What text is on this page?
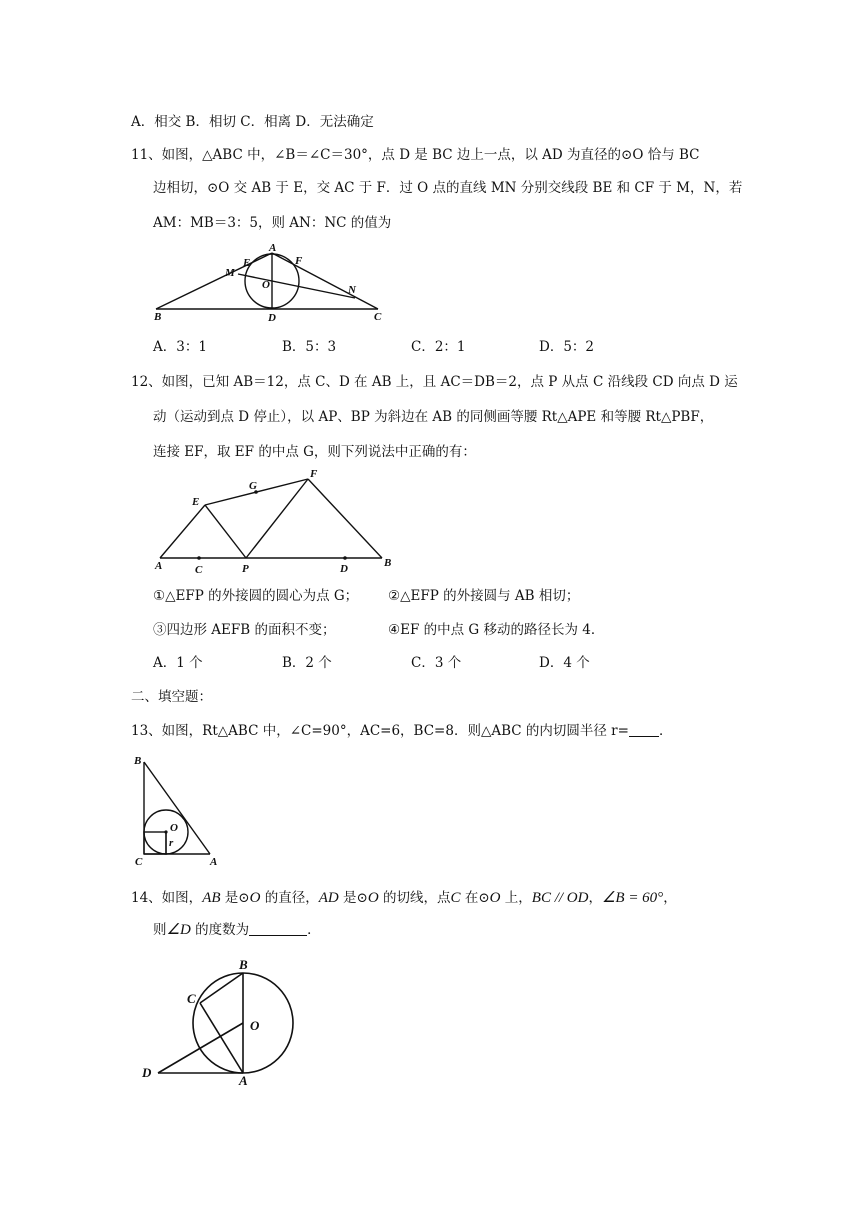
A．相交 B．相切 C．相离 D．无法确定
11、如图，△ABC 中，∠B＝∠C＝30°，点 D 是 BC 边上一点，以 AD 为直径的⊙O 恰与 BC
边相切，⊙O 交 AB 于 E，交 AC 于 F．过 O 点的直线 MN 分别交线段 BE 和 CF 于 M，N，若
AM：MB＝3：5，则 AN：NC 的值为
A
E	F
M
O	N
B	D	C
A．3：1	B．5：3	C．2：1	D．5：2
12、如图，已知 AB＝12，点 C、D 在 AB 上，且 AC＝DB＝2，点 P 从点 C 沿线段 CD 向点 D 运
动（运动到点 D 停止），以 AP、BP 为斜边在 AB 的同侧画等腰 Rt△APE 和等腰 Rt△PBF，
连接 EF，取 EF 的中点 G，则下列说法中正确的有：
F
G
E
A	C	P	D	B
①△EFP 的外接圆的圆心为点 G； ②△EFP 的外接圆与 AB 相切；
③四边形 AEFB 的面积不变；	④EF 的中点 G 移动的路径长为 4．
A．1 个	B．2 个	C．3 个	D．4 个
二、填空题：
13、如图，Rt△ABC 中，∠C=90°，AC=6，BC=8．则△ABC 的内切圆半径 r= ．
B
O
r
C	A
14、如图，AB 是⊙O 的直径，AD 是⊙O 的切线，点C 在⊙O 上，BC // OD，∠B = 60°，
则∠D 的度数为	．
B
C
O
D
A
